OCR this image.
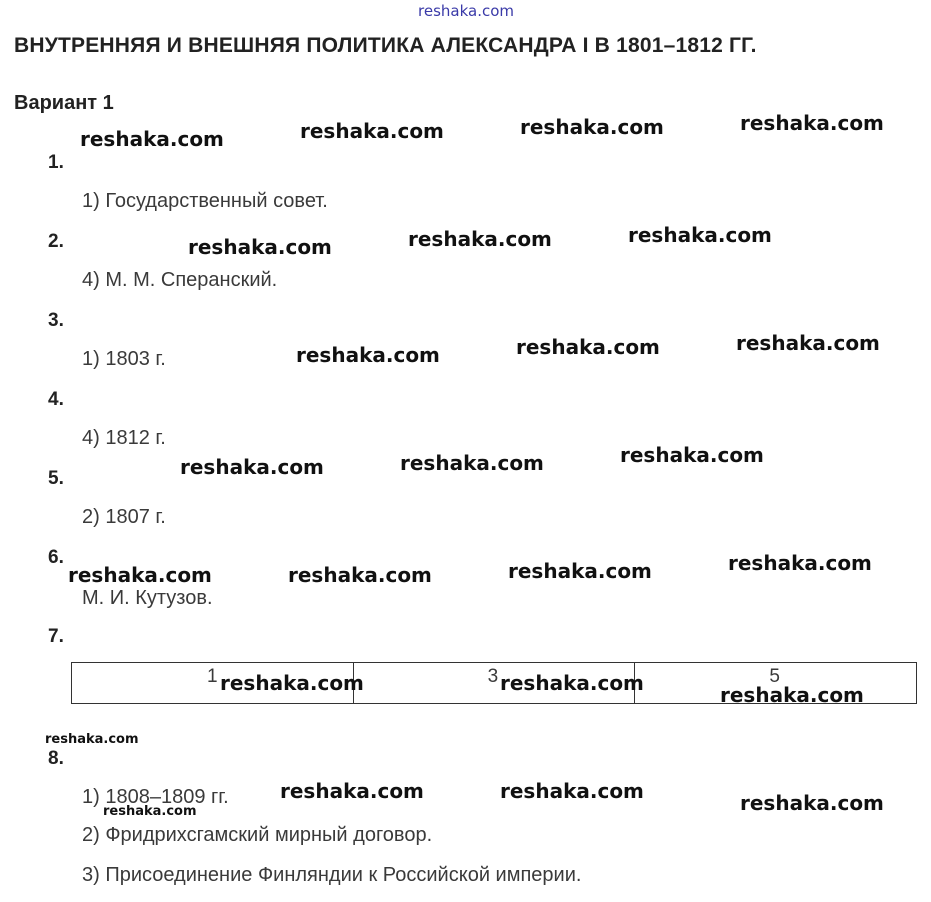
reshaka.com
ВНУТРЕННЯЯ И ВНЕШНЯЯ ПОЛИТИКА АЛЕКСАНДРА I В 1801–1812 ГГ.
Вариант 1
1.
1) Государственный совет.
2.
4) М. М. Сперанский.
3.
1) 1803 г.
4.
4) 1812 г.
5.
2) 1807 г.
6.
М. И. Кутузов.
7.
1	3	5
8.
1) 1808–1809 гг.
2) Фридрихсгамский мирный договор.
3) Присоединение Финляндии к Российской империи.
reshaka.com	reshaka.com	reshaka.com	reshaka.com
reshaka.com	reshaka.com	reshaka.com
reshaka.com	reshaka.com	reshaka.com
reshaka.com	reshaka.com	reshaka.com
reshaka.com	reshaka.com	reshaka.com	reshaka.com
reshaka.com	reshaka.com	reshaka.com
reshaka.com
reshaka.com
reshaka.com	reshaka.com	reshaka.com
